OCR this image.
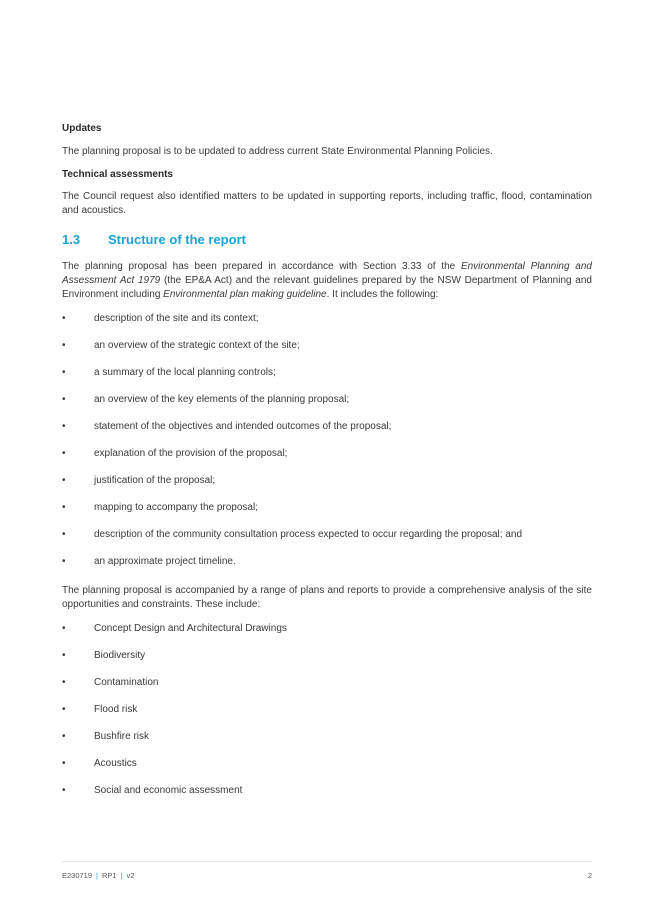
Updates

The planning proposal is to be updated to address current State Environmental Planning Policies.

Technical assessments

The Council request also identified matters to be updated in supporting reports, including traffic, flood, contamination and acoustics.

1.3	Structure of the report

The planning proposal has been prepared in accordance with Section 3.33 of the Environmental Planning and Assessment Act 1979 (the EP&A Act) and the relevant guidelines prepared by the NSW Department of Planning and Environment including Environmental plan making guideline. It includes the following:

•	description of the site and its context;
•	an overview of the strategic context of the site;
•	a summary of the local planning controls;
•	an overview of the key elements of the planning proposal;
•	statement of the objectives and intended outcomes of the proposal;
•	explanation of the provision of the proposal;
•	justification of the proposal;
•	mapping to accompany the proposal;
•	description of the community consultation process expected to occur regarding the proposal; and
•	an approximate project timeline.

The planning proposal is accompanied by a range of plans and reports to provide a comprehensive analysis of the site opportunities and constraints. These include:

•	Concept Design and Architectural Drawings
•	Biodiversity
•	Contamination
•	Flood risk
•	Bushfire risk
•	Acoustics
•	Social and economic assessment
E230719 | RP1 | v2	2
